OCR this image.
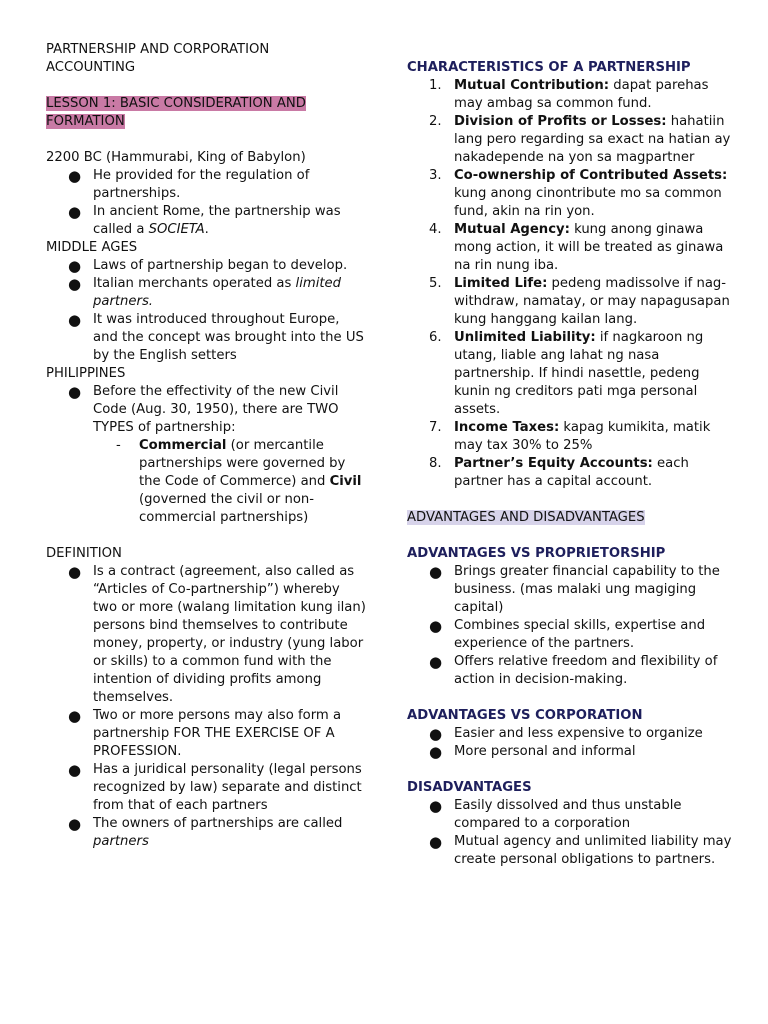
PARTNERSHIP AND CORPORATION
ACCOUNTING

LESSON 1: BASIC CONSIDERATION AND
FORMATION

2200 BC (Hammurabi, King of Babylon)

● He provided for the regulation of partnerships.
● In ancient Rome, the partnership was called a SOCIETA.

MIDDLE AGES

● Laws of partnership began to develop.
● Italian merchants operated as limited partners.
● It was introduced throughout Europe, and the concept was brought into the US by the English setters

PHILIPPINES

● Before the effectivity of the new Civil Code (Aug. 30, 1950), there are TWO TYPES of partnership:
- Commercial (or mercantile partnerships were governed by the Code of Commerce) and Civil (governed the civil or non-commercial partnerships)

DEFINITION

● Is a contract (agreement, also called as “Articles of Co-partnership”) whereby two or more (walang limitation kung ilan) persons bind themselves to contribute money, property, or industry (yung labor or skills) to a common fund with the intention of dividing profits among themselves.
● Two or more persons may also form a partnership FOR THE EXERCISE OF A PROFESSION.
● Has a juridical personality (legal persons recognized by law) separate and distinct from that of each partners
● The owners of partnerships are called partners

CHARACTERISTICS OF A PARTNERSHIP

1. Mutual Contribution: dapat parehas may ambag sa common fund.
2. Division of Profits or Losses: hahatiin lang pero regarding sa exact na hatian ay nakadepende na yon sa magpartner
3. Co-ownership of Contributed Assets: kung anong cinontribute mo sa common fund, akin na rin yon.
4. Mutual Agency: kung anong ginawa mong action, it will be treated as ginawa na rin nung iba.
5. Limited Life: pedeng madissolve if nag-withdraw, namatay, or may napagusapan kung hanggang kailan lang.
6. Unlimited Liability: if nagkaroon ng utang, liable ang lahat ng nasa partnership. If hindi nasettle, pedeng kunin ng creditors pati mga personal assets.
7. Income Taxes: kapag kumikita, matik may tax 30% to 25%
8. Partner’s Equity Accounts: each partner has a capital account.

ADVANTAGES AND DISADVANTAGES

ADVANTAGES VS PROPRIETORSHIP

● Brings greater financial capability to the business. (mas malaki ung magiging capital)
● Combines special skills, expertise and experience of the partners.
● Offers relative freedom and flexibility of action in decision-making.

ADVANTAGES VS CORPORATION

● Easier and less expensive to organize
● More personal and informal

DISADVANTAGES

● Easily dissolved and thus unstable compared to a corporation
● Mutual agency and unlimited liability may create personal obligations to partners.
